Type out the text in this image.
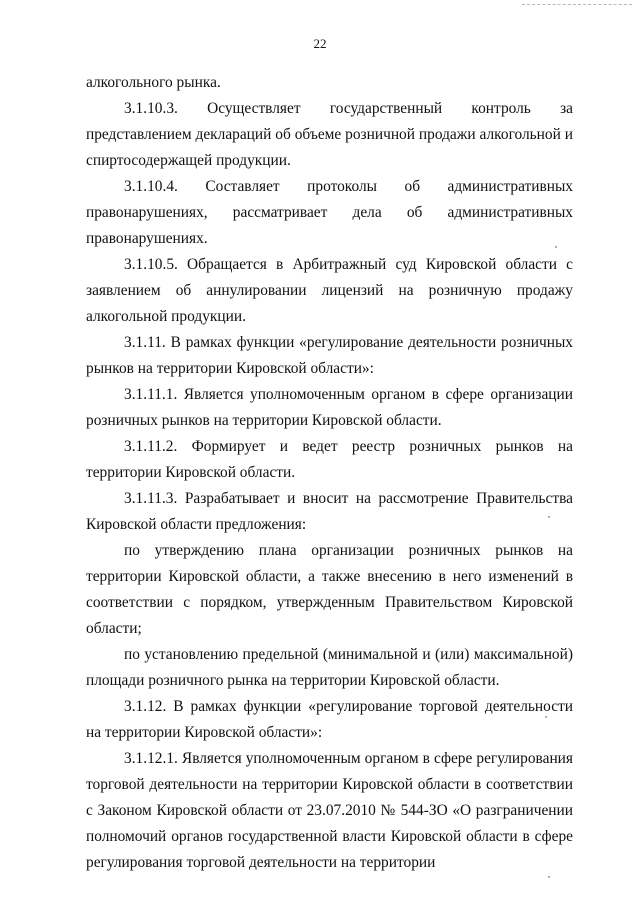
22

алкогольного рынка.

3.1.10.3. Осуществляет государственный контроль за представлением деклараций об объеме розничной продажи алкогольной и спиртосодержащей продукции.

3.1.10.4. Составляет протоколы об административных правонарушениях, рассматривает дела об административных правонарушениях.

3.1.10.5. Обращается в Арбитражный суд Кировской области с заявлением об аннулировании лицензий на розничную продажу алкогольной продукции.

3.1.11. В рамках функции «регулирование деятельности розничных рынков на территории Кировской области»:

3.1.11.1. Является уполномоченным органом в сфере организации розничных рынков на территории Кировской области.

3.1.11.2. Формирует и ведет реестр розничных рынков на территории Кировской области.

3.1.11.3. Разрабатывает и вносит на рассмотрение Правительства Кировской области предложения:

по утверждению плана организации розничных рынков на территории Кировской области, а также внесению в него изменений в соответствии с порядком, утвержденным Правительством Кировской области;

по установлению предельной (минимальной и (или) максимальной) площади розничного рынка на территории Кировской области.

3.1.12. В рамках функции «регулирование торговой деятельности на территории Кировской области»:

3.1.12.1. Является уполномоченным органом в сфере регулирования торговой деятельности на территории Кировской области в соответствии с Законом Кировской области от 23.07.2010 № 544-ЗО «О разграничении полномочий органов государственной власти Кировской области в сфере регулирования торговой деятельности на территории
